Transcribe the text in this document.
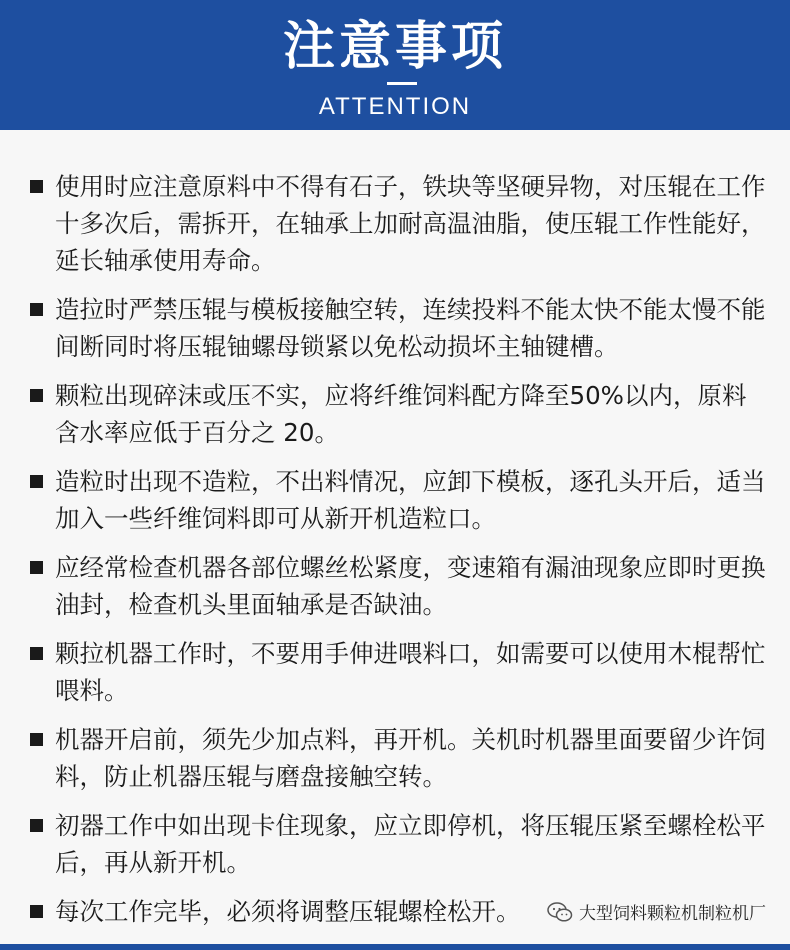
注意事项
ATTENTION
使用时应注意原料中不得有石子，铁块等坚硬异物，对压辊在工作十多次后，需拆开，在轴承上加耐高温油脂，使压辊工作性能好，延长轴承使用寿命。
造拉时严禁压辊与模板接触空转，连续投料不能太快不能太慢不能间断同时将压辊铀螺母锁紧以免松动损坏主轴键槽。
颗粒出现碎沫或压不实，应将纤维饲料配方降至50%以内，原料含水率应低于百分之 20。
造粒时出现不造粒，不出料情况，应卸下模板，逐孔头开后，适当加入一些纤维饲料即可从新开机造粒口。
应经常检查机器各部位螺丝松紧度，变速箱有漏油现象应即时更换油封，检查机头里面轴承是否缺油。
颗拉机器工作时，不要用手伸进喂料口，如需要可以使用木棍帮忙喂料。
机器开启前，须先少加点料，再开机。关机时机器里面要留少许饲料，防止机器压辊与磨盘接触空转。
初器工作中如出现卡住现象，应立即停机，将压辊压紧至螺栓松平后，再从新开机。
每次工作完毕，必须将调整压辊螺栓松开。	大型饲料颗粒机制粒机厂
